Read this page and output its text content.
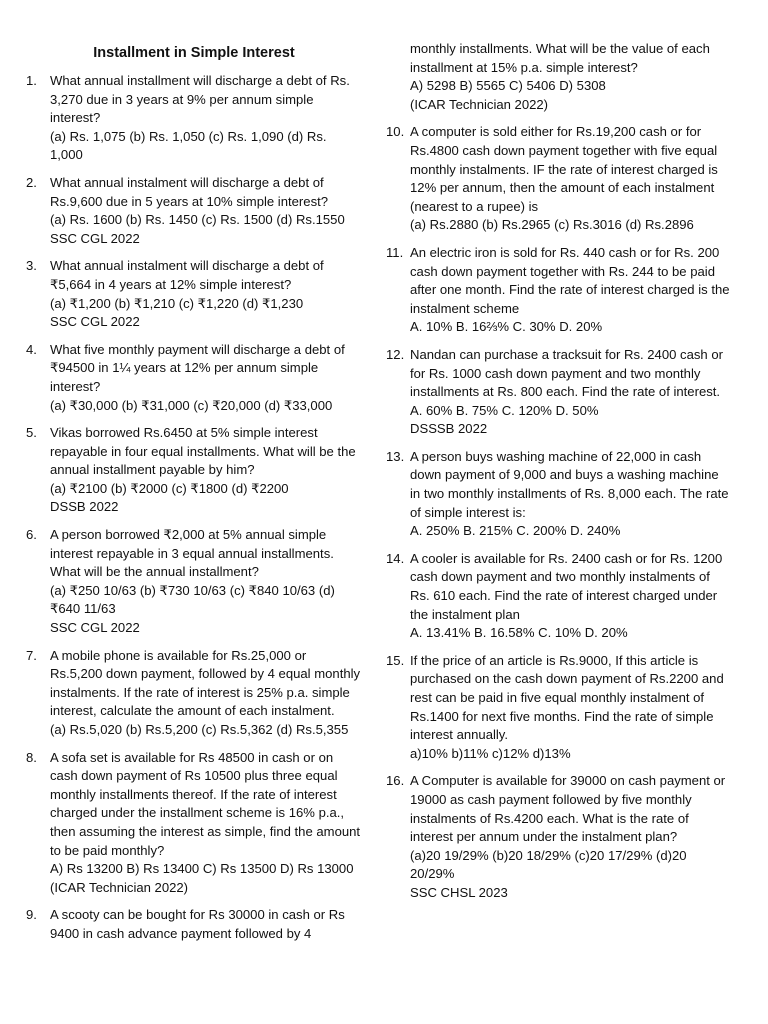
Installment in Simple Interest
1. What annual installment will discharge a debt of Rs. 3,270 due in 3 years at 9% per annum simple interest?
(a) Rs. 1,075 (b) Rs. 1,050 (c) Rs. 1,090 (d) Rs. 1,000
2. What annual instalment will discharge a debt of Rs.9,600 due in 5 years at 10% simple interest?
(a) Rs. 1600 (b) Rs. 1450 (c) Rs. 1500 (d) Rs.1550
SSC CGL 2022
3. What annual instalment will discharge a debt of ₹5,664 in 4 years at 12% simple interest?
(a) ₹1,200 (b) ₹1,210 (c) ₹1,220 (d) ₹1,230
SSC CGL 2022
4. What five monthly payment will discharge a debt of ₹94500 in 1¼ years at 12% per annum simple interest?
(a) ₹30,000 (b) ₹31,000 (c) ₹20,000 (d) ₹33,000
5. Vikas borrowed Rs.6450 at 5% simple interest repayable in four equal installments. What will be the annual installment payable by him?
(a) ₹2100 (b) ₹2000 (c) ₹1800 (d) ₹2200
DSSB 2022
6. A person borrowed ₹2,000 at 5% annual simple interest repayable in 3 equal annual installments. What will be the annual installment?
(a) ₹250 10/63 (b) ₹730 10/63 (c) ₹840 10/63 (d) ₹640 11/63
SSC CGL 2022
7. A mobile phone is available for Rs.25,000 or Rs.5,200 down payment, followed by 4 equal monthly instalments. If the rate of interest is 25% p.a. simple interest, calculate the amount of each instalment.
(a) Rs.5,020 (b) Rs.5,200 (c) Rs.5,362 (d) Rs.5,355
8. A sofa set is available for Rs 48500 in cash or on cash down payment of Rs 10500 plus three equal monthly installments thereof. If the rate of interest charged under the installment scheme is 16% p.a., then assuming the interest as simple, find the amount to be paid monthly?
A) Rs 13200 B) Rs 13400 C) Rs 13500 D) Rs 13000
(ICAR Technician 2022)
9. A scooty can be bought for Rs 30000 in cash or Rs 9400 in cash advance payment followed by 4
monthly installments. What will be the value of each installment at 15% p.a. simple interest?
A) 5298 B) 5565 C) 5406 D) 5308
(ICAR Technician 2022)
10. A computer is sold either for Rs.19,200 cash or for Rs.4800 cash down payment together with five equal monthly instalments. IF the rate of interest charged is 12% per annum, then the amount of each instalment (nearest to a rupee) is
(a) Rs.2880 (b) Rs.2965 (c) Rs.3016 (d) Rs.2896
11. An electric iron is sold for Rs. 440 cash or for Rs. 200 cash down payment together with Rs. 244 to be paid after one month. Find the rate of interest charged is the instalment scheme
A. 10% B. 16⅔% C. 30% D. 20%
12. Nandan can purchase a tracksuit for Rs. 2400 cash or for Rs. 1000 cash down payment and two monthly installments at Rs. 800 each. Find the rate of interest.
A. 60% B. 75% C. 120% D. 50%
DSSSB 2022
13. A person buys washing machine of 22,000 in cash down payment of 9,000 and buys a washing machine in two monthly installments of Rs. 8,000 each. The rate of simple interest is:
A. 250% B. 215% C. 200% D. 240%
14. A cooler is available for Rs. 2400 cash or for Rs. 1200 cash down payment and two monthly instalments of Rs. 610 each. Find the rate of interest charged under the instalment plan
A. 13.41% B. 16.58% C. 10% D. 20%
15. If the price of an article is Rs.9000, If this article is purchased on the cash down payment of Rs.2200 and rest can be paid in five equal monthly instalment of Rs.1400 for next five months. Find the rate of simple interest annually.
a)10% b)11% c)12% d)13%
16. A Computer is available for 39000 on cash payment or 19000 as cash payment followed by five monthly instalments of Rs.4200 each. What is the rate of interest per annum under the instalment plan?
(a)20 19/29% (b)20 18/29% (c)20 17/29% (d)20 20/29%
SSC CHSL 2023
